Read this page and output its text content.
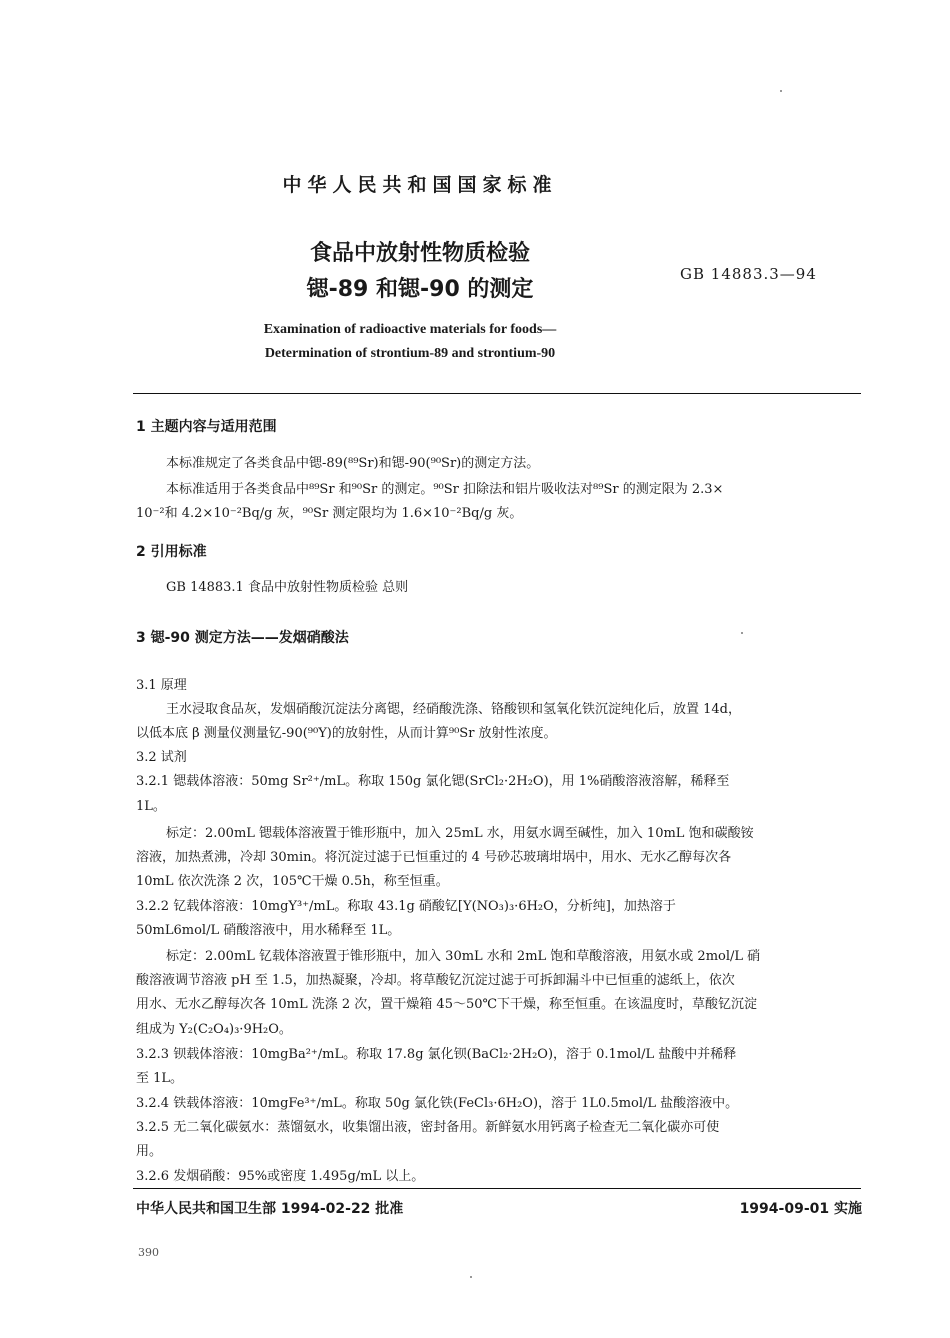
中华人民共和国国家标准
食品中放射性物质检验
锶-89 和锶-90 的测定
GB 14883.3—94
Examination of radioactive materials for foods—
Determination of strontium-89 and strontium-90
1 主题内容与适用范围
本标准规定了各类食品中锶-89(⁸⁹Sr)和锶-90(⁹⁰Sr)的测定方法。
本标准适用于各类食品中⁸⁹Sr 和⁹⁰Sr 的测定。⁹⁰Sr 扣除法和铝片吸收法对⁸⁹Sr 的测定限为 2.3×
10⁻²和 4.2×10⁻²Bq/g 灰，⁹⁰Sr 测定限均为 1.6×10⁻²Bq/g 灰。
2 引用标准
GB 14883.1 食品中放射性物质检验 总则
3 锶-90 测定方法——发烟硝酸法
3.1 原理
王水浸取食品灰，发烟硝酸沉淀法分离锶，经硝酸洗涤、铬酸钡和氢氧化铁沉淀纯化后，放置 14d，
以低本底 β 测量仪测量钇-90(⁹⁰Y)的放射性，从而计算⁹⁰Sr 放射性浓度。
3.2 试剂
3.2.1 锶载体溶液：50mg Sr²⁺/mL。称取 150g 氯化锶(SrCl₂·2H₂O)，用 1%硝酸溶液溶解，稀释至
1L。
标定：2.00mL 锶载体溶液置于锥形瓶中，加入 25mL 水，用氨水调至碱性，加入 10mL 饱和碳酸铵
溶液，加热煮沸，冷却 30min。将沉淀过滤于已恒重过的 4 号砂芯玻璃坩埚中，用水、无水乙醇每次各
10mL 依次洗涤 2 次，105℃干燥 0.5h，称至恒重。
3.2.2 钇载体溶液：10mgY³⁺/mL。称取 43.1g 硝酸钇[Y(NO₃)₃·6H₂O，分析纯]，加热溶于
50mL6mol/L 硝酸溶液中，用水稀释至 1L。
标定：2.00mL 钇载体溶液置于锥形瓶中，加入 30mL 水和 2mL 饱和草酸溶液，用氨水或 2mol/L 硝
酸溶液调节溶液 pH 至 1.5，加热凝聚，冷却。将草酸钇沉淀过滤于可拆卸漏斗中已恒重的滤纸上，依次
用水、无水乙醇每次各 10mL 洗涤 2 次，置干燥箱 45～50℃下干燥，称至恒重。在该温度时，草酸钇沉淀
组成为 Y₂(C₂O₄)₃·9H₂O。
3.2.3 钡载体溶液：10mgBa²⁺/mL。称取 17.8g 氯化钡(BaCl₂·2H₂O)，溶于 0.1mol/L 盐酸中并稀释
至 1L。
3.2.4 铁载体溶液：10mgFe³⁺/mL。称取 50g 氯化铁(FeCl₃·6H₂O)，溶于 1L0.5mol/L 盐酸溶液中。
3.2.5 无二氧化碳氨水：蒸馏氨水，收集馏出液，密封备用。新鲜氨水用钙离子检查无二氧化碳亦可使
用。
3.2.6 发烟硝酸：95%或密度 1.495g/mL 以上。
中华人民共和国卫生部 1994-02-22 批准	1994-09-01 实施
390
